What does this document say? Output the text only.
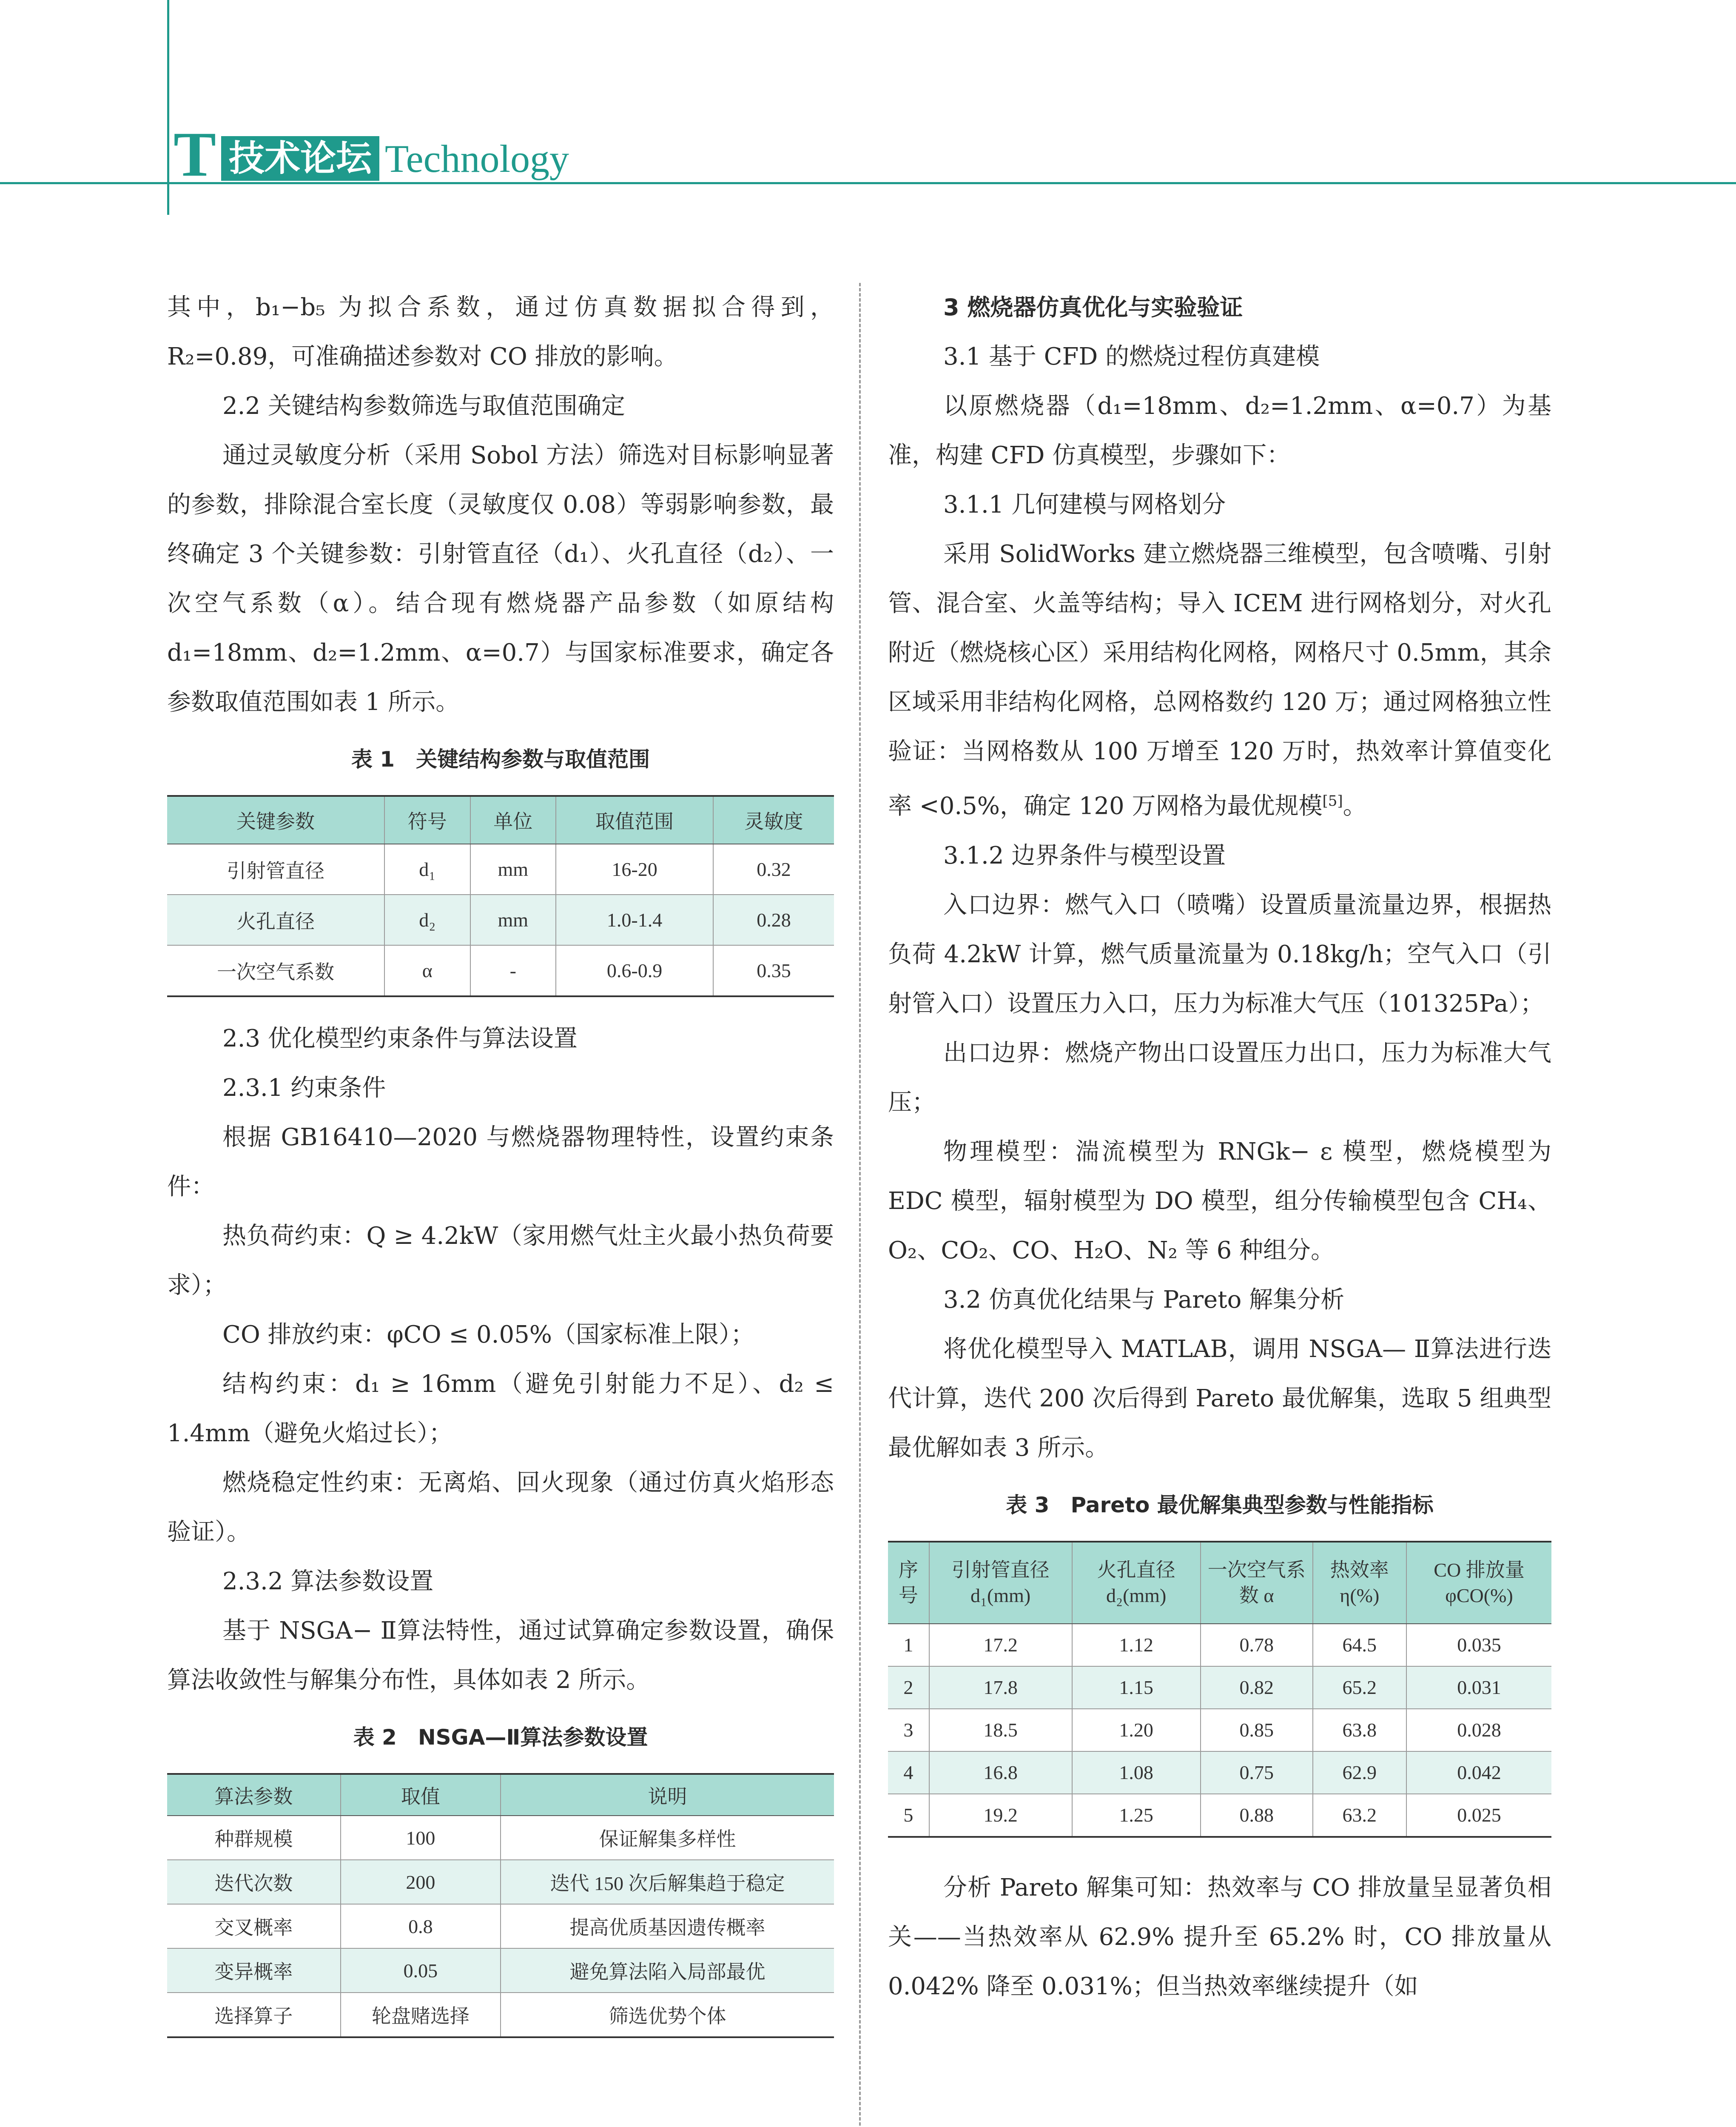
T 技术论坛 Technology

其中，b₁−b₅ 为拟合系数，通过仿真数据拟合得到，R₂=0.89，可准确描述参数对 CO 排放的影响。

2.2 关键结构参数筛选与取值范围确定

通过灵敏度分析（采用 Sobol 方法）筛选对目标影响显著的参数，排除混合室长度（灵敏度仅 0.08）等弱影响参数，最终确定 3 个关键参数：引射管直径（d₁）、火孔直径（d₂）、一次空气系数（α）。结合现有燃烧器产品参数（如原结构 d₁=18mm、d₂=1.2mm、α=0.7）与国家标准要求，确定各参数取值范围如表 1 所示。

表 1　关键结构参数与取值范围
关键参数	符号	单位	取值范围	灵敏度
引射管直径	d₁	mm	16-20	0.32
火孔直径	d₂	mm	1.0-1.4	0.28
一次空气系数	α	-	0.6-0.9	0.35

2.3 优化模型约束条件与算法设置

2.3.1 约束条件

根据 GB16410—2020 与燃烧器物理特性，设置约束条件：

热负荷约束：Q ≥ 4.2kW（家用燃气灶主火最小热负荷要求）；

CO 排放约束：φCO ≤ 0.05%（国家标准上限）；

结构约束：d₁ ≥ 16mm（避免引射能力不足）、d₂ ≤ 1.4mm（避免火焰过长）；

燃烧稳定性约束：无离焰、回火现象（通过仿真火焰形态验证）。

2.3.2 算法参数设置

基于 NSGA− Ⅱ算法特性，通过试算确定参数设置，确保算法收敛性与解集分布性，具体如表 2 所示。

表 2　NSGA—Ⅱ算法参数设置
算法参数	取值	说明
种群规模	100	保证解集多样性
迭代次数	200	迭代 150 次后解集趋于稳定
交叉概率	0.8	提高优质基因遗传概率
变异概率	0.05	避免算法陷入局部最优
选择算子	轮盘赌选择	筛选优势个体

3 燃烧器仿真优化与实验验证

3.1 基于 CFD 的燃烧过程仿真建模

以原燃烧器（d₁=18mm、d₂=1.2mm、α=0.7）为基准，构建 CFD 仿真模型，步骤如下：

3.1.1 几何建模与网格划分

采用 SolidWorks 建立燃烧器三维模型，包含喷嘴、引射管、混合室、火盖等结构；导入 ICEM 进行网格划分，对火孔附近（燃烧核心区）采用结构化网格，网格尺寸 0.5mm，其余区域采用非结构化网格，总网格数约 120 万；通过网格独立性验证：当网格数从 100 万增至 120 万时，热效率计算值变化率 <0.5%，确定 120 万网格为最优规模[5]。

3.1.2 边界条件与模型设置

入口边界：燃气入口（喷嘴）设置质量流量边界，根据热负荷 4.2kW 计算，燃气质量流量为 0.18kg/h；空气入口（引射管入口）设置压力入口，压力为标准大气压（101325Pa）；

出口边界：燃烧产物出口设置压力出口，压力为标准大气压；

物理模型：湍流模型为 RNGk− ε 模型，燃烧模型为 EDC 模型，辐射模型为 DO 模型，组分传输模型包含 CH₄、O₂、CO₂、CO、H₂O、N₂ 等 6 种组分。

3.2 仿真优化结果与 Pareto 解集分析

将优化模型导入 MATLAB，调用 NSGA— Ⅱ算法进行迭代计算，迭代 200 次后得到 Pareto 最优解集，选取 5 组典型最优解如表 3 所示。

表 3　Pareto 最优解集典型参数与性能指标
序号	引射管直径 d₁(mm)	火孔直径 d₂(mm)	一次空气系数 α	热效率 η(%)	CO 排放量 φCO(%)
1	17.2	1.12	0.78	64.5	0.035
2	17.8	1.15	0.82	65.2	0.031
3	18.5	1.20	0.85	63.8	0.028
4	16.8	1.08	0.75	62.9	0.042
5	19.2	1.25	0.88	63.2	0.025

分析 Pareto 解集可知：热效率与 CO 排放量呈显著负相关——当热效率从 62.9% 提升至 65.2% 时，CO 排放量从 0.042% 降至 0.031%；但当热效率继续提升（如
